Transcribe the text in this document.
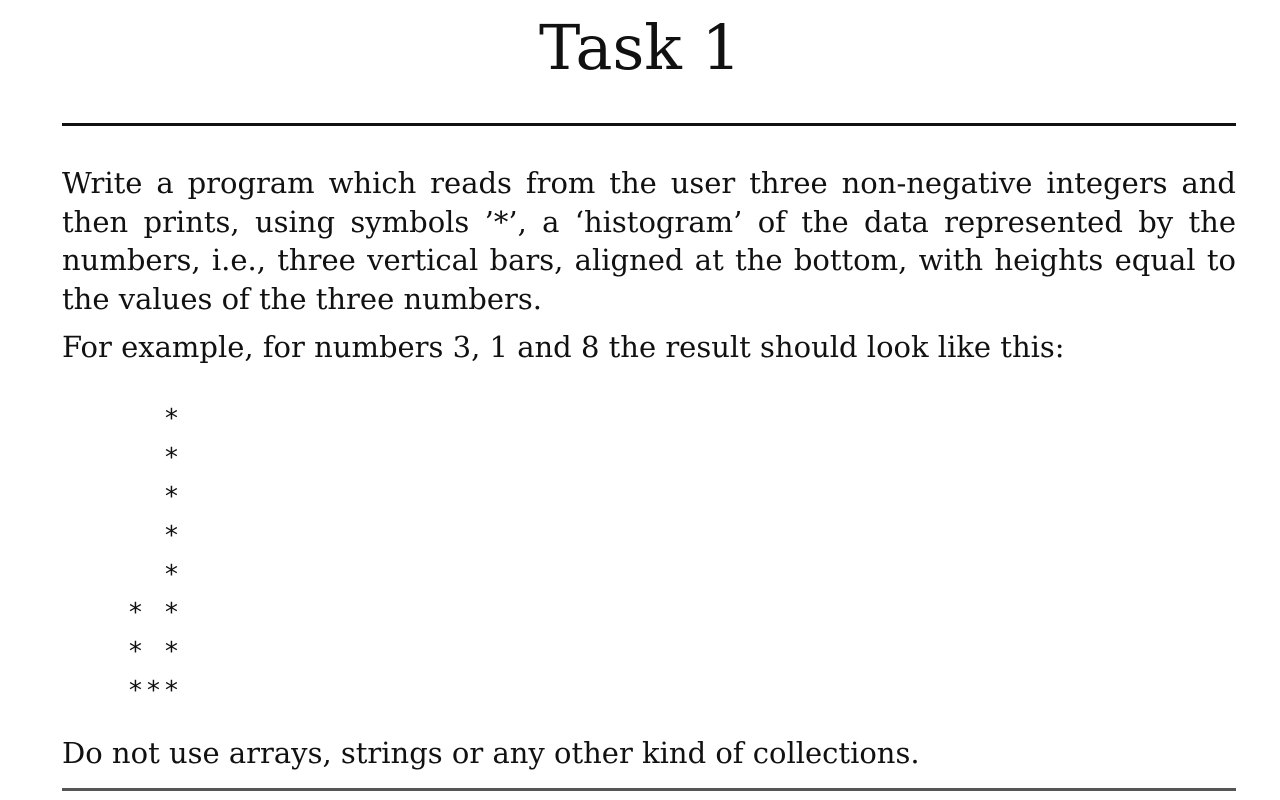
Task 1

Write a program which reads from the user three non-negative integers and then prints, using symbols ’*’, a ‘histogram’ of the data represented by the numbers, i.e., three vertical bars, aligned at the bottom, with heights equal to the values of the three numbers.

For example, for numbers 3, 1 and 8 the result should look like this:

*
*
*
*
*
* *
* *
* * *

Do not use arrays, strings or any other kind of collections.
